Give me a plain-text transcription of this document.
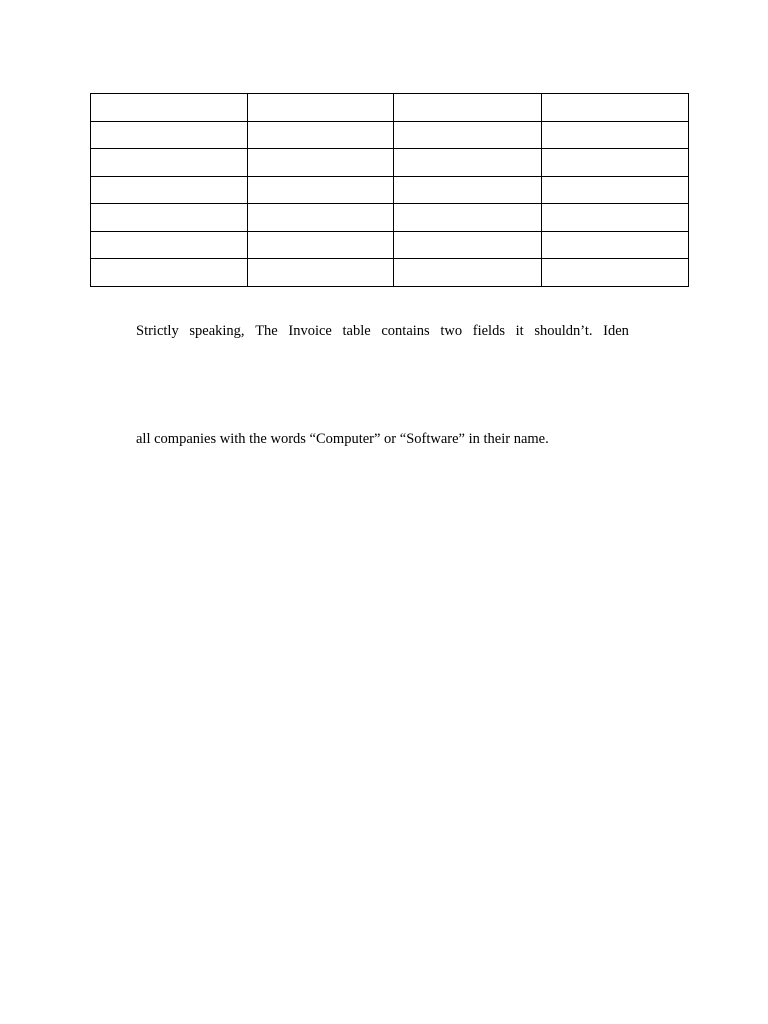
Strictly speaking, The Invoice table contains two fields it shouldn’t. Iden
all companies with the words “Computer” or “Software” in their name.
